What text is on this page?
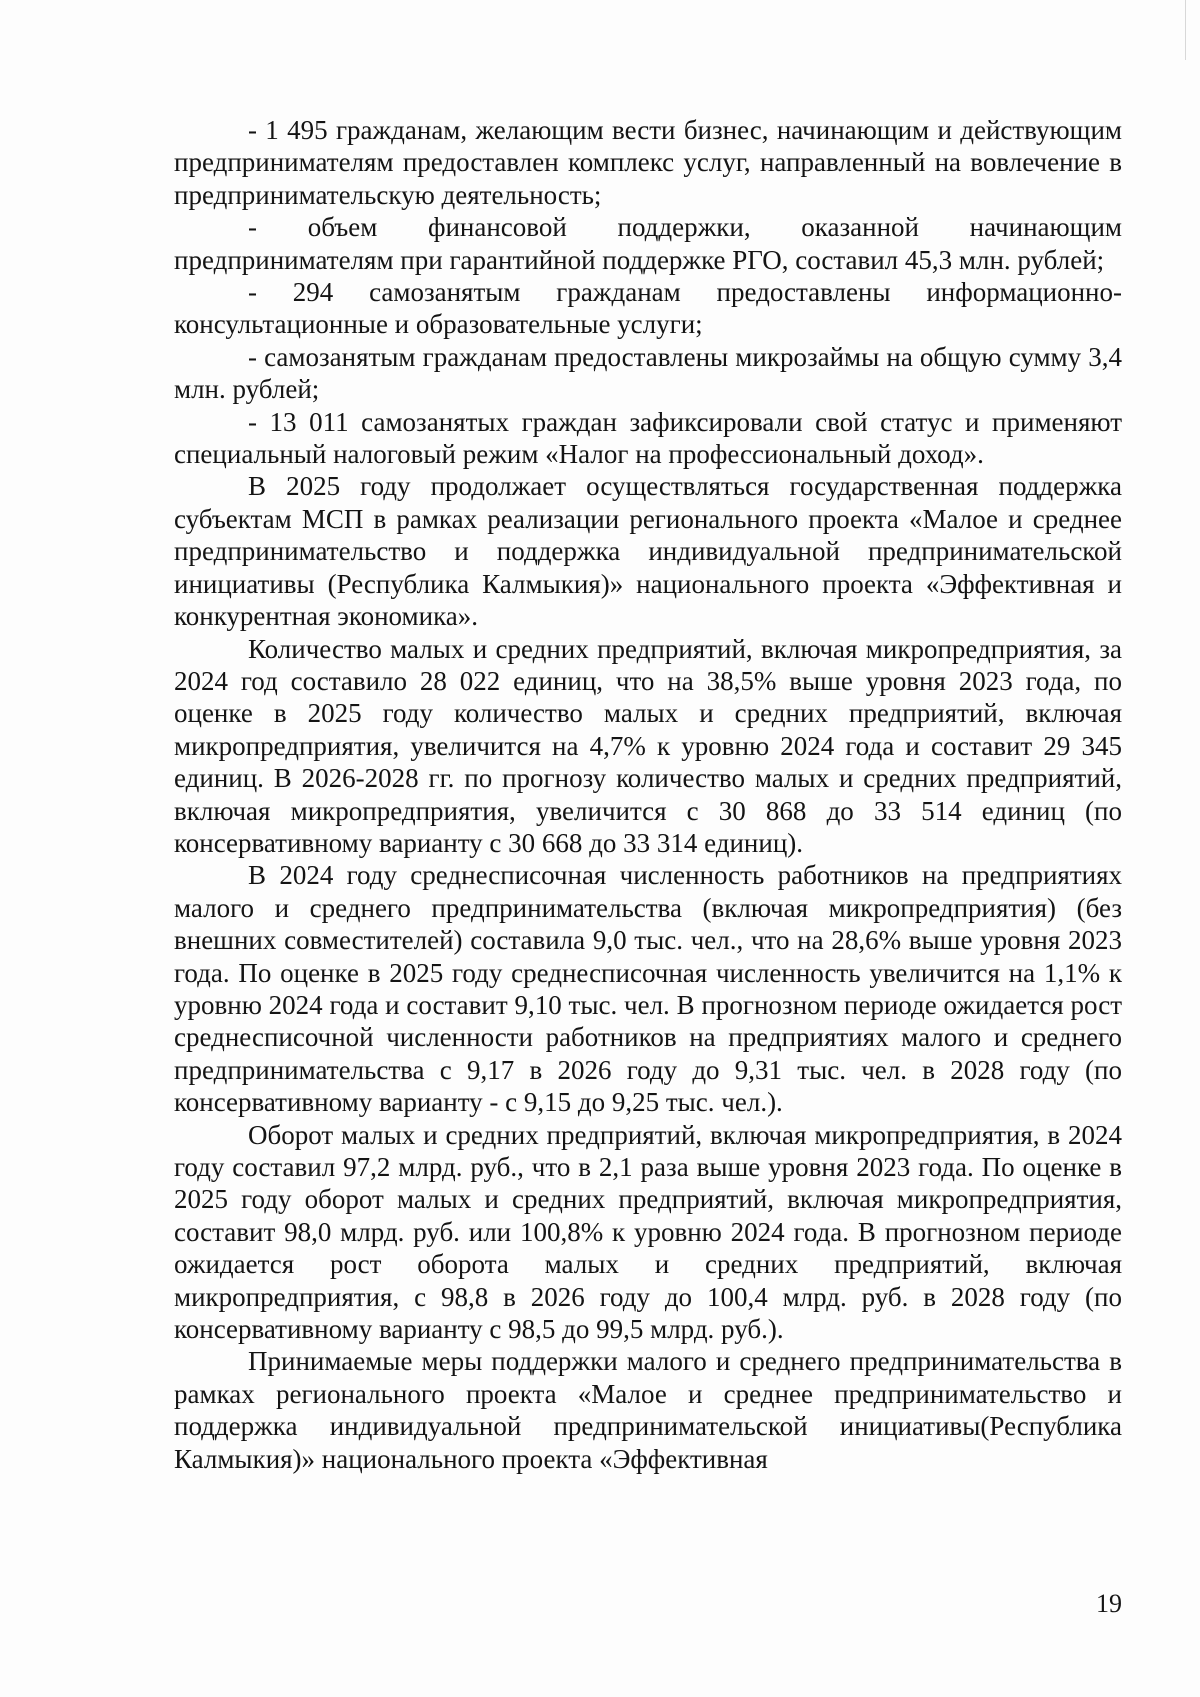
- 1 495 гражданам, желающим вести бизнес, начинающим и действующим предпринимателям предоставлен комплекс услуг, направленный на вовлечение в предпринимательскую деятельность;

- объем финансовой поддержки, оказанной начинающим предпринимателям при гарантийной поддержке РГО, составил 45,3 млн. рублей;

- 294 самозанятым гражданам предоставлены информационно-консультационные и образовательные услуги;

- самозанятым гражданам предоставлены микрозаймы на общую сумму 3,4 млн. рублей;

- 13 011 самозанятых граждан зафиксировали свой статус и применяют специальный налоговый режим «Налог на профессиональный доход».

В 2025 году продолжает осуществляться государственная поддержка субъектам МСП в рамках реализации регионального проекта «Малое и среднее предпринимательство и поддержка индивидуальной предпринимательской инициативы (Республика Калмыкия)» национального проекта «Эффективная и конкурентная экономика».

Количество малых и средних предприятий, включая микропредприятия, за 2024 год составило 28 022 единиц, что на 38,5% выше уровня 2023 года, по оценке в 2025 году количество малых и средних предприятий, включая микропредприятия, увеличится на 4,7% к уровню 2024 года и составит 29 345 единиц. В 2026-2028 гг. по прогнозу количество малых и средних предприятий, включая микропредприятия, увеличится с 30 868 до 33 514 единиц (по консервативному варианту с 30 668 до 33 314 единиц).

В 2024 году среднесписочная численность работников на предприятиях малого и среднего предпринимательства (включая микропредприятия) (без внешних совместителей) составила 9,0 тыс. чел., что на 28,6% выше уровня 2023 года. По оценке в 2025 году среднесписочная численность увеличится на 1,1% к уровню 2024 года и составит 9,10 тыс. чел. В прогнозном периоде ожидается рост среднесписочной численности работников на предприятиях малого и среднего предпринимательства с 9,17 в 2026 году до 9,31 тыс. чел. в 2028 году (по консервативному варианту - с 9,15 до 9,25 тыс. чел.).

Оборот малых и средних предприятий, включая микропредприятия, в 2024 году составил 97,2 млрд. руб., что в 2,1 раза выше уровня 2023 года. По оценке в 2025 году оборот малых и средних предприятий, включая микропредприятия, составит 98,0 млрд. руб. или 100,8% к уровню 2024 года. В прогнозном периоде ожидается рост оборота малых и средних предприятий, включая микропредприятия, с 98,8 в 2026 году до 100,4 млрд. руб. в 2028 году (по консервативному варианту с 98,5 до 99,5 млрд. руб.).

Принимаемые меры поддержки малого и среднего предпринимательства в рамках регионального проекта «Малое и среднее предпринимательство и поддержка индивидуальной предпринимательской инициативы(Республика Калмыкия)» национального проекта «Эффективная

19
